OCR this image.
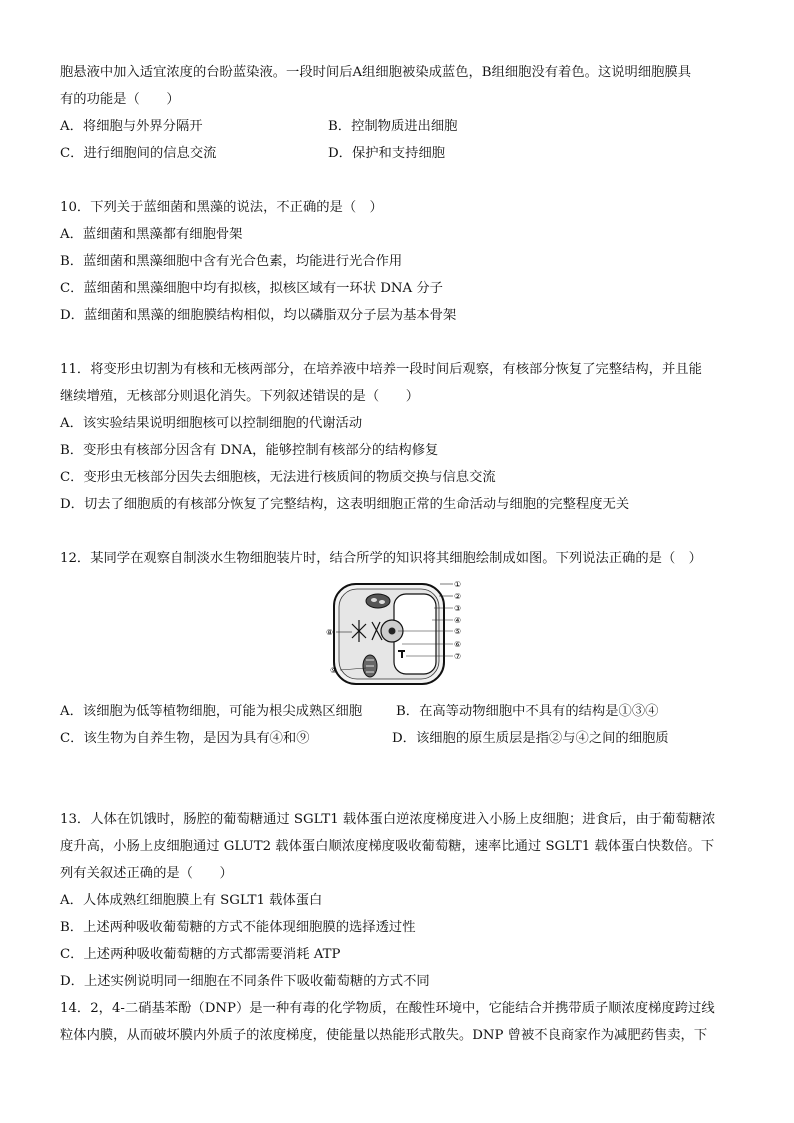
胞悬液中加入适宜浓度的台盼蓝染液。一段时间后A组细胞被染成蓝色，B组细胞没有着色。这说明细胞膜具
有的功能是（　　）
A．将细胞与外界分隔开	B．控制物质进出细胞
C．进行细胞间的信息交流	D．保护和支持细胞
10．下列关于蓝细菌和黑藻的说法，不正确的是（　）
A．蓝细菌和黑藻都有细胞骨架
B．蓝细菌和黑藻细胞中含有光合色素，均能进行光合作用
C．蓝细菌和黑藻细胞中均有拟核，拟核区域有一环状 DNA 分子
D．蓝细菌和黑藻的细胞膜结构相似，均以磷脂双分子层为基本骨架
11．将变形虫切割为有核和无核两部分，在培养液中培养一段时间后观察，有核部分恢复了完整结构，并且能
继续增殖，无核部分则退化消失。下列叙述错误的是（　　）
A．该实验结果说明细胞核可以控制细胞的代谢活动
B．变形虫有核部分因含有 DNA，能够控制有核部分的结构修复
C．变形虫无核部分因失去细胞核，无法进行核质间的物质交换与信息交流
D．切去了细胞质的有核部分恢复了完整结构，这表明细胞正常的生命活动与细胞的完整程度无关
12．某同学在观察自制淡水生物细胞装片时，结合所学的知识将其细胞绘制成如图。下列说法正确的是（　）
①
②
③
④
⑤
⑥
⑦
⑧
⑨
A．该细胞为低等植物细胞，可能为根尖成熟区细胞	B．在高等动物细胞中不具有的结构是①③④
C．该生物为自养生物，是因为具有④和⑨	D．该细胞的原生质层是指②与④之间的细胞质
13．人体在饥饿时，肠腔的葡萄糖通过 SGLT1 载体蛋白逆浓度梯度进入小肠上皮细胞；进食后，由于葡萄糖浓
度升高，小肠上皮细胞通过 GLUT2 载体蛋白顺浓度梯度吸收葡萄糖，速率比通过 SGLT1 载体蛋白快数倍。下
列有关叙述正确的是（　　）
A．人体成熟红细胞膜上有 SGLT1 载体蛋白
B．上述两种吸收葡萄糖的方式不能体现细胞膜的选择透过性
C．上述两种吸收葡萄糖的方式都需要消耗 ATP
D．上述实例说明同一细胞在不同条件下吸收葡萄糖的方式不同
14．2，4-二硝基苯酚（DNP）是一种有毒的化学物质，在酸性环境中，它能结合并携带质子顺浓度梯度跨过线
粒体内膜，从而破坏膜内外质子的浓度梯度，使能量以热能形式散失。DNP 曾被不良商家作为减肥药售卖，下
